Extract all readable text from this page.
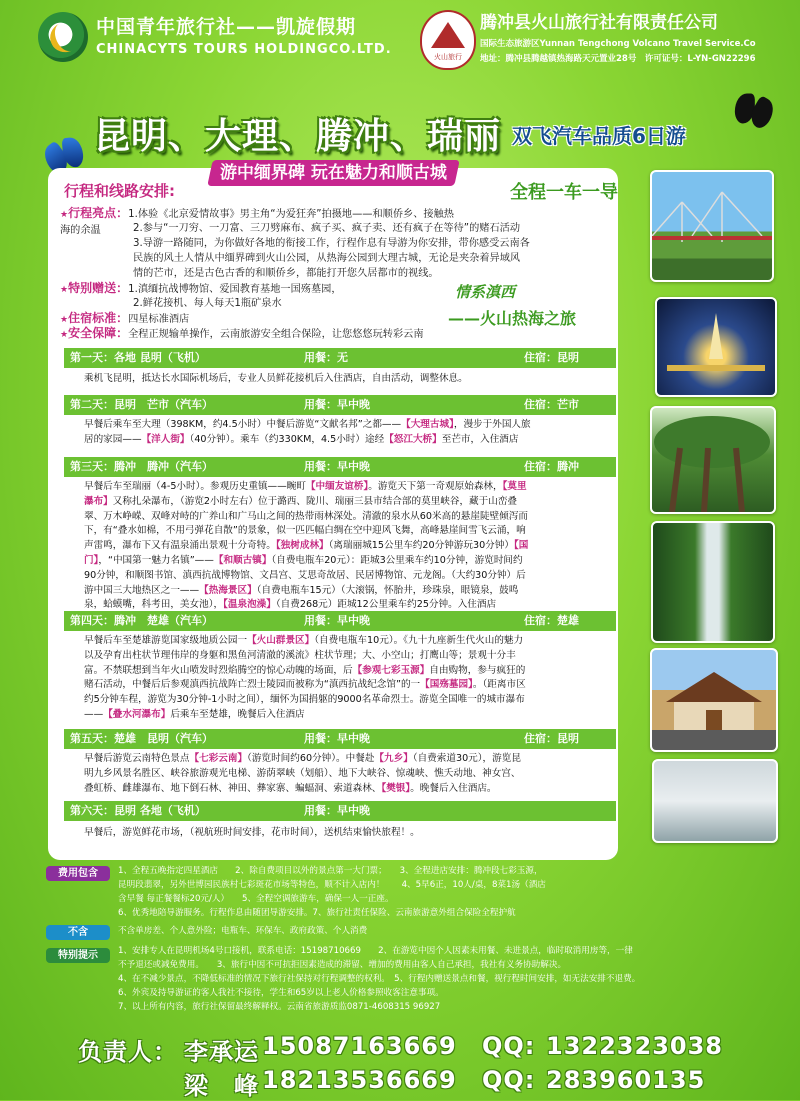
中国青年旅行社——凯旋假期
CHINACYTS TOURS HOLDINGCO.LTD.	火山旅行
腾冲县火山旅行社有限责任公司
国际生态旅游区Yunnan Tengchong Volcano Travel Service.Co
地址：腾冲县腾越镇热海路天元置业28号　许可证号：L-YN-GN22296
昆明、大理、腾冲、瑞丽 双飞汽车品质6日游
游中缅界碑 玩在魅力和顺古城
行程和线路安排:	全程一车一导
★行程亮点：1.体验《北京爱情故事》男主角“为爱狂奔”拍摄地——和顺侨乡、接触热海的余温	2.参与“一刀穷、一刀富、三刀劈麻布、疯子买、疯子卖、还有疯子在等待”的赌石活动
3.导游一路随同，为你做好各地的衔接工作，行程作息有导游为你安排，带你感受云南各
民族的风土人情从中缅界碑到火山公园，从热海公园到大理古城，无论是夹杂着异域风
情的芒市，还是古色古香的和顺侨乡，都能打开您久居都市的视线。
★特别赠送：1.滇缅抗战博物馆、爱国教育基地一国殇墓园，
2.鲜花接机、每人每天1瓶矿泉水
★住宿标准：四星标准酒店
★安全保障：全程正规输单操作，云南旅游安全组合保险，让您悠悠玩转彩云南
情系滇西
——火山热海之旅
第一天：各地 昆明（飞机）	用餐：无	住宿：昆明
乘机飞昆明，抵达长水国际机场后，专业人员鲜花接机后入住酒店，自由活动，调整休息。
第二天：昆明　芒市（汽车）	用餐：早中晚	住宿：芒市
早餐后乘车至大理（398KM，约4.5小时）中餐后游览“文献名邦”之都——【大理古城】，漫步于外国人旅居的家园——【洋人街】（40分钟）。乘车（约330KM，4.5小时）途经【怒江大桥】至芒市，入住酒店
第三天：腾冲　腾冲（汽车）	用餐：早中晚	住宿：腾冲
早餐后车至瑞丽（4-5小时）。参观历史重镇——畹町【中缅友谊桥】。游览天下第一奇观原始森林，【莫里瀑布】又称扎朵瀑布，（游览2小时左右）位于潞西、陇川、瑞丽三县市结合部的莫里峡谷，藏于山峦叠翠、万木峥嵘、双峰对峙的广养山和广马山之间的热带雨林深处。清澈的泉水从60米高的悬崖陡壁倾泻而下，有“叠水如棉，不用弓弹花自散”的景象，似一匹匹幅白绸在空中迎风飞舞，高峰悬崖间雪飞云涌，响声雷鸣，瀑布下又有温泉涌出景观十分奇特。【独树成林】（离瑞丽城15公里车约20分钟游玩30分钟）【国门】，“中国第一魅力名镇”——【和顺古镇】（自费电瓶车20元）：距城3公里乘车约10分钟，游览时间约90分钟，和顺图书馆、滇西抗战博物馆、文昌宫、艾思奇故居、民居博物馆、元龙阁。（大约30分钟）后游中国三大地热区之一——【热海景区】（自费电瓶车15元）（大滚锅，怀胎井，珍珠泉，眼镜泉，鼓鸣泉，蛤蟆嘴，科考田，美女池），【温泉泡澡】（自费268元）距城12公里乘车约25分钟。入住酒店
第四天：腾冲　楚雄（汽车）	用餐：早中晚	住宿：楚雄
早餐后车至楚雄游览国家级地质公园一【火山群景区】（自费电瓶车10元）。《九十九座新生代火山的魅力以及孕育出柱状节理伟岸的身躯和黑鱼河清澈的溪流》柱状节理；大、小空山；打鹰山等；景观十分丰富。不禁联想到当年火山喷发时烈焰腾空的惊心动魄的场面，后【参观七彩玉源】自由购物，参与疯狂的赌石活动，中餐后后参观滇西抗战阵亡烈士陵园而被称为“滇西抗战纪念馆”的一【国殇墓园】。（距离市区约5分钟车程，游览为30分钟-1小时之间），缅怀为国捐躯的9000名革命烈士。游览全国唯一的城市瀑布——【叠水河瀑布】后乘车至楚雄，晚餐后入住酒店
第五天：楚雄　昆明（汽车）	用餐：早中晚	住宿：昆明
早餐后游览云南特色景点【七彩云南】（游览时间约60分钟）。中餐赴【九乡】（自费索道30元），游览昆明九乡风景名胜区、峡谷旅游观光电梯、游荫翠峡（划船）、地下大峡谷、惊魂峡、憔夭动地、神女宫、叠虹桥、雌雄瀑布、地下倒石林、神田、彝家寨、蝙蝠洞、索道森林、【樊银】。晚餐后入住酒店。
第六天：昆明 各地（飞机）	用餐：早中晚
早餐后，游览鲜花市场，（视航班时间安排，花市时间），送机结束愉快旅程！。
费用包含	1、全程五晚指定四星酒店　　2、除自费项目以外的景点第一大门票；　　3、全程进店安排：腾冲段七彩玉源，
昆明段翡翠，另外世博园民族村七彩斑花市场等特色，顺不计入店内！　　4、5早6正，10人/桌，8菜1汤（酒店
含早餐 每正餐餐标20元/人）　　5、全程空调旅游车，确保一人一正座。
6、优秀地陪导游服务。行程作息由随团导游安排。7、旅行社责任保险、云南旅游意外组合保险全程护航
不含	不含单房差、个人意外险；电瓶车、环保车、政府政策、个人消费
特别提示	1、安排专人在昆明机场4号口接机，联系电话：15198710669　　2、在游览中因个人因素未用餐、未进景点，临时取消用房等，一律
不予退还或减免费用。　　3、旅行中因不可抗拒因素造成的滞留、增加的费用由客人自己承担，我社有义务协助解决。
4、在不减少景点，不降低标准的情况下旅行社保持对行程调整的权利。　5、行程内赠送景点和餐，视行程时间安排，如无法安排不退费。
6、外宾及持导游证的客人我社不接待，学生和65岁以上老人价格参照收客注意事项。
7、以上所有内容，旅行社保留最终解释权。云南省旅游质监0871-4608315 96927
负责人： 李承运 15087163669 QQ: 1322323038
梁　峰 18213536669 QQ: 283960135
